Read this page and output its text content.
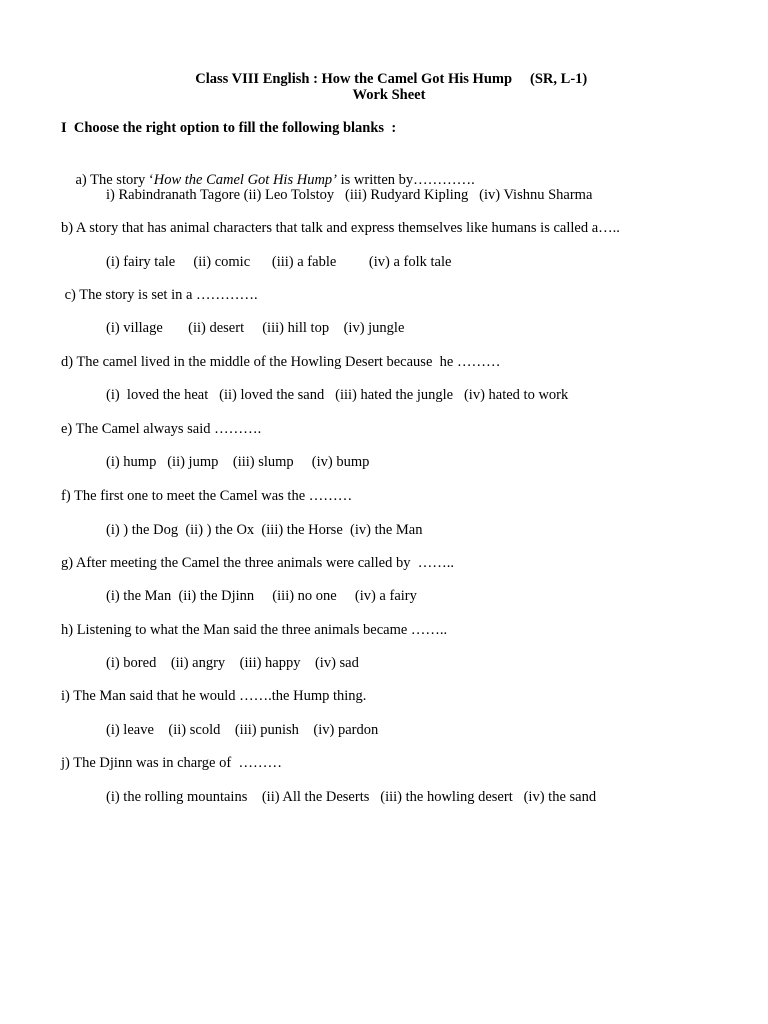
Class VIII English : How the Camel Got His Hump (SR, L-1)

Work Sheet
I  Choose the right option to fill the following blanks  :

a) The story ‘How the Camel Got His Hump’ is written by………….

i) Rabindranath Tagore (ii) Leo Tolstoy   (iii) Rudyard Kipling   (iv) Vishnu Sharma
b) A story that has animal characters that talk and express themselves like humans is called a…..
(i) fairy tale     (ii) comic      (iii) a fable         (iv) a folk tale
c) The story is set in a ………….
(i) village       (ii) desert     (iii) hill top    (iv) jungle
d) The camel lived in the middle of the Howling Desert because  he ………
(i)  loved the heat   (ii) loved the sand   (iii) hated the jungle   (iv) hated to work
e) The Camel always said ……….
(i) hump   (ii) jump    (iii) slump     (iv) bump
f) The first one to meet the Camel was the ………
(i) ) the Dog  (ii) ) the Ox  (iii) the Horse  (iv) the Man
g) After meeting the Camel the three animals were called by  ……..
(i) the Man  (ii) the Djinn     (iii) no one     (iv) a fairy
h) Listening to what the Man said the three animals became ……..
(i) bored    (ii) angry    (iii) happy    (iv) sad
i) The Man said that he would …….the Hump thing.
(i) leave    (ii) scold    (iii) punish    (iv) pardon
j) The Djinn was in charge of  ………
(i) the rolling mountains    (ii) All the Deserts   (iii) the howling desert   (iv) the sand
